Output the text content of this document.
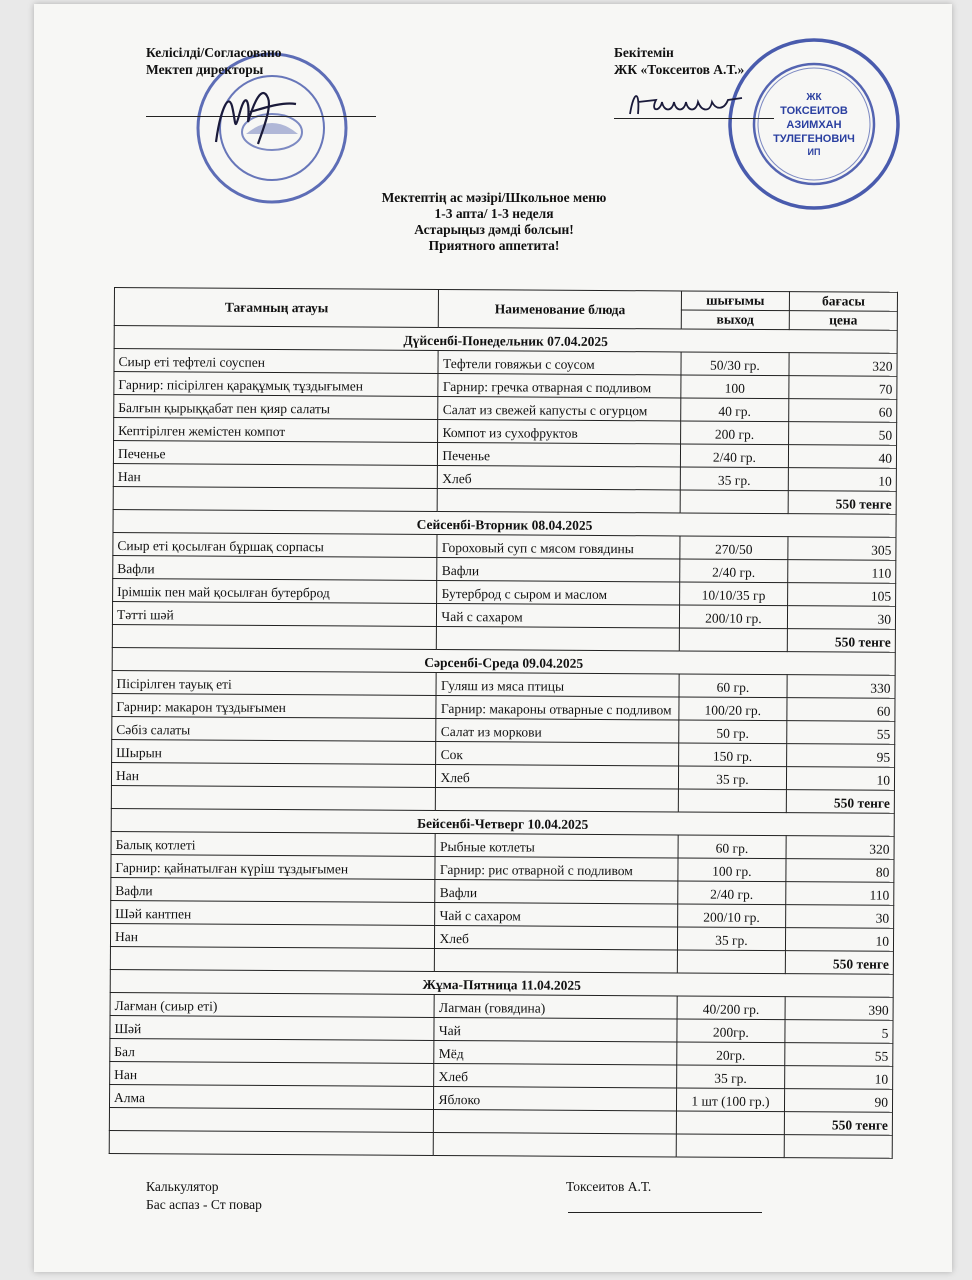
ЖК
ТОКСЕИТОВ
АЗИМХАН
ТУЛЕГЕНОВИЧ
ИП
Келісілді/Согласовано
Мектеп директоры
Бекітемін
ЖК «Токсеитов А.Т.»
Мектептің ас мәзірі/Школьное меню
1-3 апта/ 1-3 неделя
Астарыңыз дәмді болсын!
Приятного аппетита!
Тағамның атауы	Наименование блюда	шығымы	бағасы
		выход	цена
Дүйсенбі-Понедельник 07.04.2025			
Сиыр еті тефтелі соуспен	Тефтели говяжьи с соусом	50/30 гр.	320
Гарнир: пісірілген қарақұмық тұздығымен	Гарнир: гречка отварная с подливом	100	70
Балғын қырыққабат пен қияр салаты	Салат из свежей капусты с огурцом	40 гр.	60
Кептірілген жемістен компот	Компот из сухофруктов	200 гр.	50
Печенье	Печенье	2/40 гр.	40
Нан	Хлеб	35 гр.	10
			550 тенге
Сейсенбі-Вторник 08.04.2025			
Сиыр еті қосылған бұршақ сорпасы	Гороховый суп с мясом говядины	270/50	305
Вафли	Вафли	2/40 гр.	110
Ірімшік пен май қосылған бутерброд	Бутерброд с сыром и маслом	10/10/35 гр	105
Тәтті шәй	Чай с сахаром	200/10 гр.	30
			550 тенге
Сәрсенбі-Среда 09.04.2025			
Пісірілген тауық еті	Гуляш из мяса птицы	60 гр.	330
Гарнир: макарон тұздығымен	Гарнир: макароны отварные с подливом	100/20 гр.	60
Сәбіз салаты	Салат из моркови	50 гр.	55
Шырын	Сок	150 гр.	95
Нан	Хлеб	35 гр.	10
			550 тенге
Бейсенбі-Четверг 10.04.2025			
Балық котлеті	Рыбные котлеты	60 гр.	320
Гарнир: қайнатылған күріш тұздығымен	Гарнир: рис отварной с подливом	100 гр.	80
Вафли	Вафли	2/40 гр.	110
Шәй кантпен	Чай с сахаром	200/10 гр.	30
Нан	Хлеб	35 гр.	10
			550 тенге
Жұма-Пятница 11.04.2025			
Лағман (сиыр еті)	Лагман (говядина)	40/200 гр.	390
Шәй	Чай	200гр.	5
Бал	Мёд	20гр.	55
Нан	Хлеб	35 гр.	10
Алма	Яблоко	1 шт (100 гр.)	90
			550 тенге

Калькулятор
Бас аспаз - Ст повар
Токсеитов А.Т.
